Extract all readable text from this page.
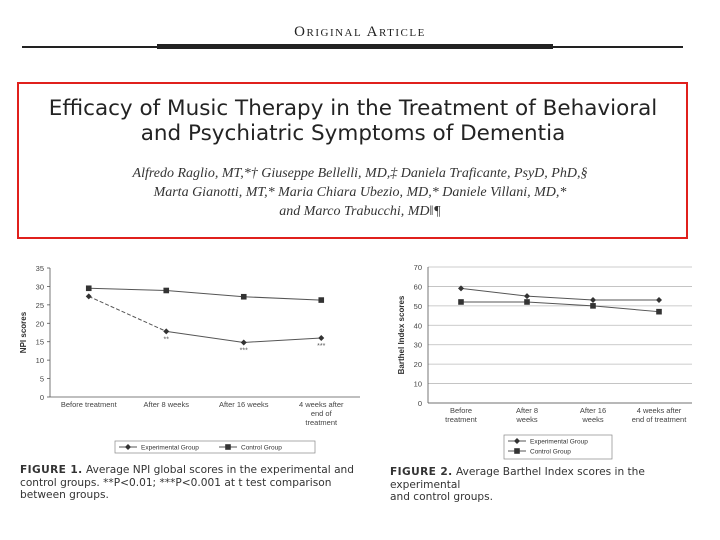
Original Article
Efficacy of Music Therapy in the Treatment of Behavioral
and Psychiatric Symptoms of Dementia
Alfredo Raglio, MT,*† Giuseppe Bellelli, MD,‡ Daniela Traficante, PsyD, PhD,§
Marta Gianotti, MT,* Maria Chiara Ubezio, MD,* Daniele Villani, MD,*
and Marco Trabucchi, MD‖¶
0
5
10
15
20
25
30
35
NPI scores
Before treatment	After 8 weeks	After 16 weeks	4 weeks after
end of
treatment
**
***
***
Experimental Group	Control Group
0
10
20
30
40
50
60
70
Barthel Index scores
Before
treatment
After 8
weeks
After 16
weeks
4 weeks after
end of treatment
Experimental Group
Control Group
FIGURE 1. Average NPI global scores in the experimental and
control groups. **P<0.01; ***P<0.001 at t test comparison
between groups.
FIGURE 2. Average Barthel Index scores in the experimental
and control groups.
